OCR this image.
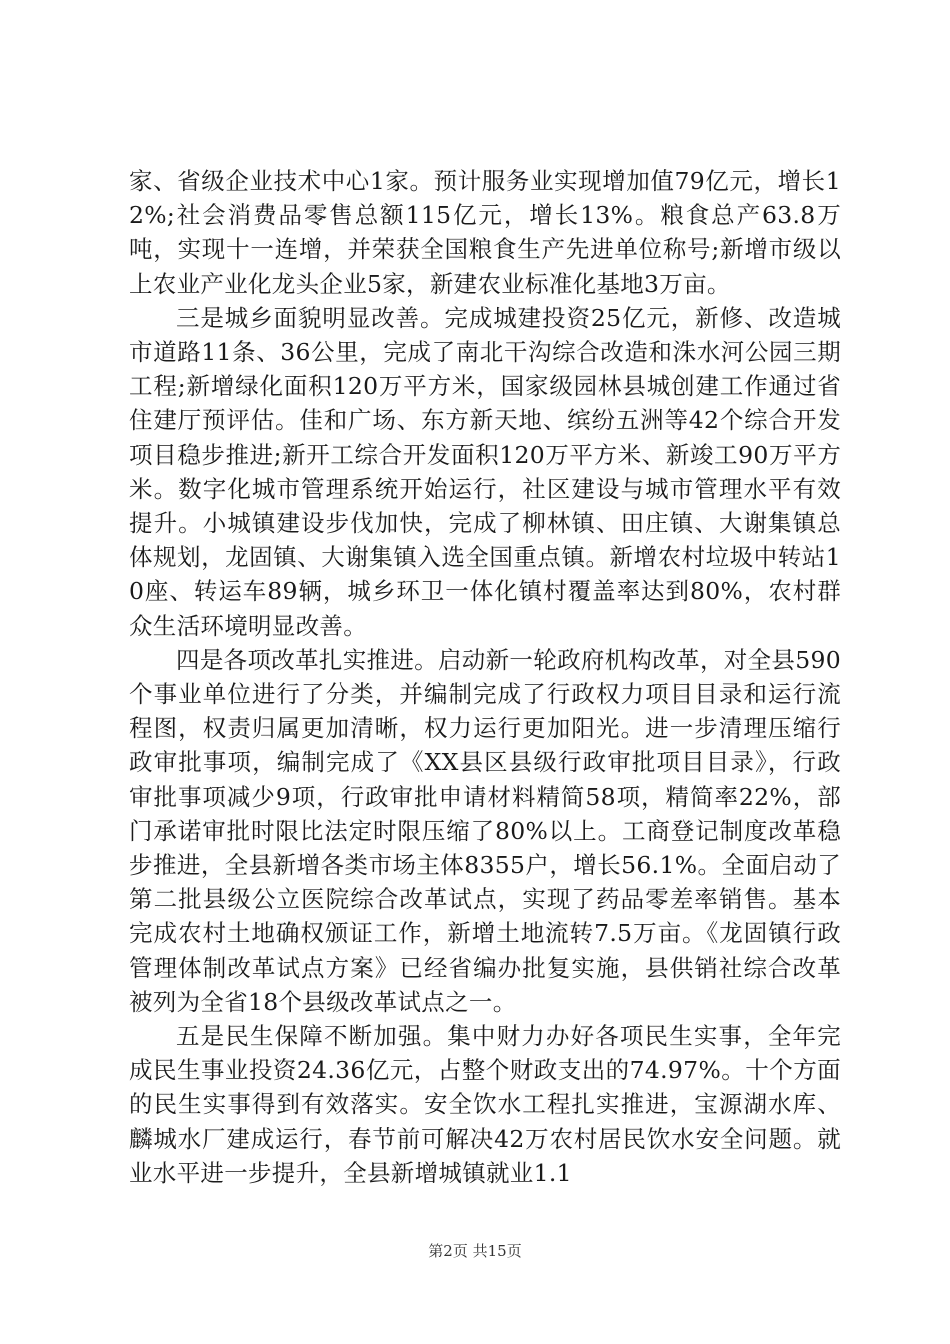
家、省级企业技术中心1家。预计服务业实现增加值79亿元，增长12%;社会消费品零售总额115亿元，增长13%。粮食总产63.8万吨，实现十一连增，并荣获全国粮食生产先进单位称号;新增市级以上农业产业化龙头企业5家，新建农业标准化基地3万亩。

三是城乡面貌明显改善。完成城建投资25亿元，新修、改造城市道路11条、36公里，完成了南北干沟综合改造和洙水河公园三期工程;新增绿化面积120万平方米，国家级园林县城创建工作通过省住建厅预评估。佳和广场、东方新天地、缤纷五洲等42个综合开发项目稳步推进;新开工综合开发面积120万平方米、新竣工90万平方米。数字化城市管理系统开始运行，社区建设与城市管理水平有效提升。小城镇建设步伐加快，完成了柳林镇、田庄镇、大谢集镇总体规划，龙固镇、大谢集镇入选全国重点镇。新增农村垃圾中转站10座、转运车89辆，城乡环卫一体化镇村覆盖率达到80%，农村群众生活环境明显改善。

四是各项改革扎实推进。启动新一轮政府机构改革，对全县590个事业单位进行了分类，并编制完成了行政权力项目目录和运行流程图，权责归属更加清晰，权力运行更加阳光。进一步清理压缩行政审批事项，编制完成了《XX县区县级行政审批项目目录》，行政审批事项减少9项，行政审批申请材料精简58项，精简率22%，部门承诺审批时限比法定时限压缩了80%以上。工商登记制度改革稳步推进，全县新增各类市场主体8355户，增长56.1%。全面启动了第二批县级公立医院综合改革试点，实现了药品零差率销售。基本完成农村土地确权颁证工作，新增土地流转7.5万亩。《龙固镇行政管理体制改革试点方案》已经省编办批复实施，县供销社综合改革被列为全省18个县级改革试点之一。

五是民生保障不断加强。集中财力办好各项民生实事，全年完成民生事业投资24.36亿元，占整个财政支出的74.97%。十个方面的民生实事得到有效落实。安全饮水工程扎实推进，宝源湖水库、麟城水厂建成运行，春节前可解决42万农村居民饮水安全问题。就业水平进一步提升，全县新增城镇就业1.1

第2页 共15页
